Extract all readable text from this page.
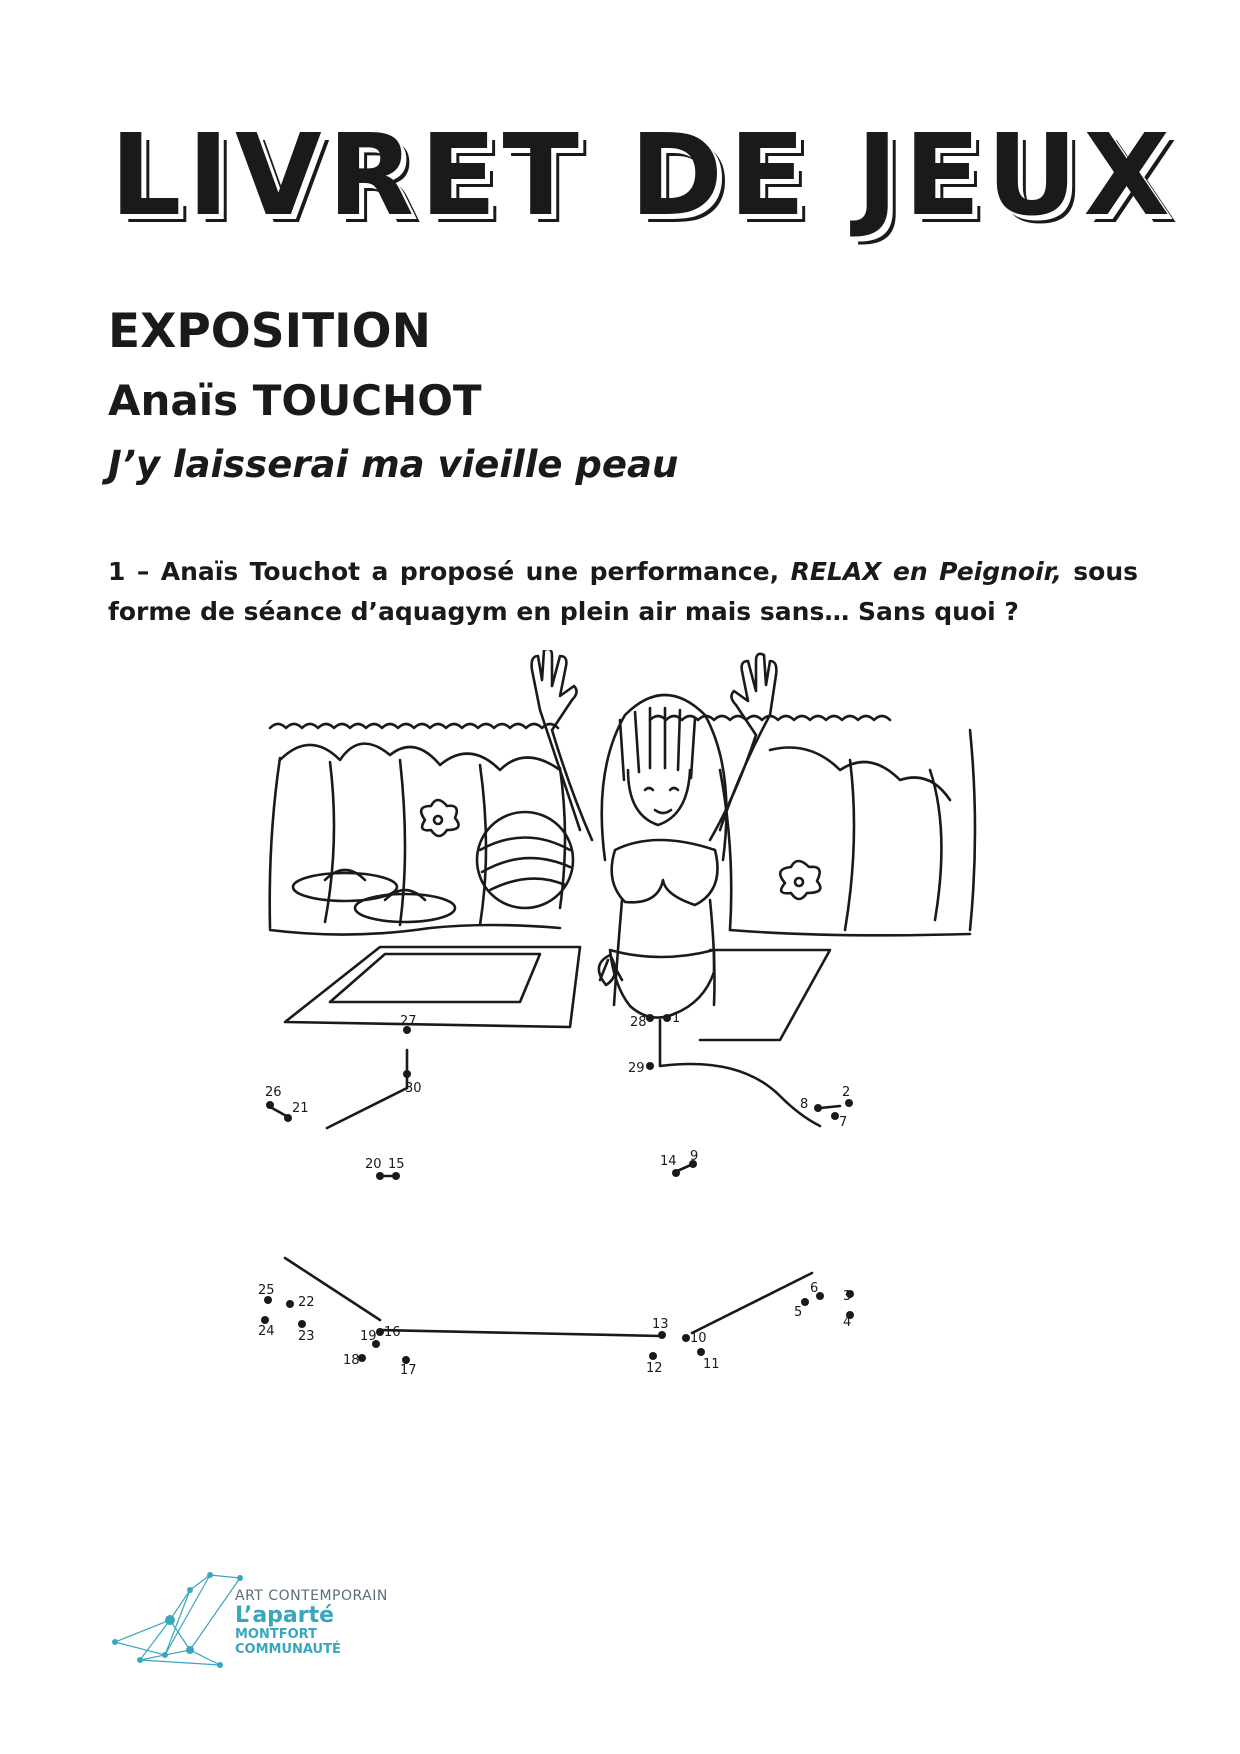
LIVRET DE JEUX
EXPOSITION
Anaïs TOUCHOT
J’y laisserai ma vieille peau
1 – Anaïs Touchot a proposé une performance, RELAX en Peignoir, sous forme de séance d’aquagym en plein air mais sans… Sans quoi ?
1
2
3
4
5
6
7
8
9
10
11
12
13
14
15
16
17
18
19
20
21
22
23
24
25
26
27	28
29
30
ART CONTEMPORAIN
L’aparté
MONTFORT
COMMUNAUTÉ
